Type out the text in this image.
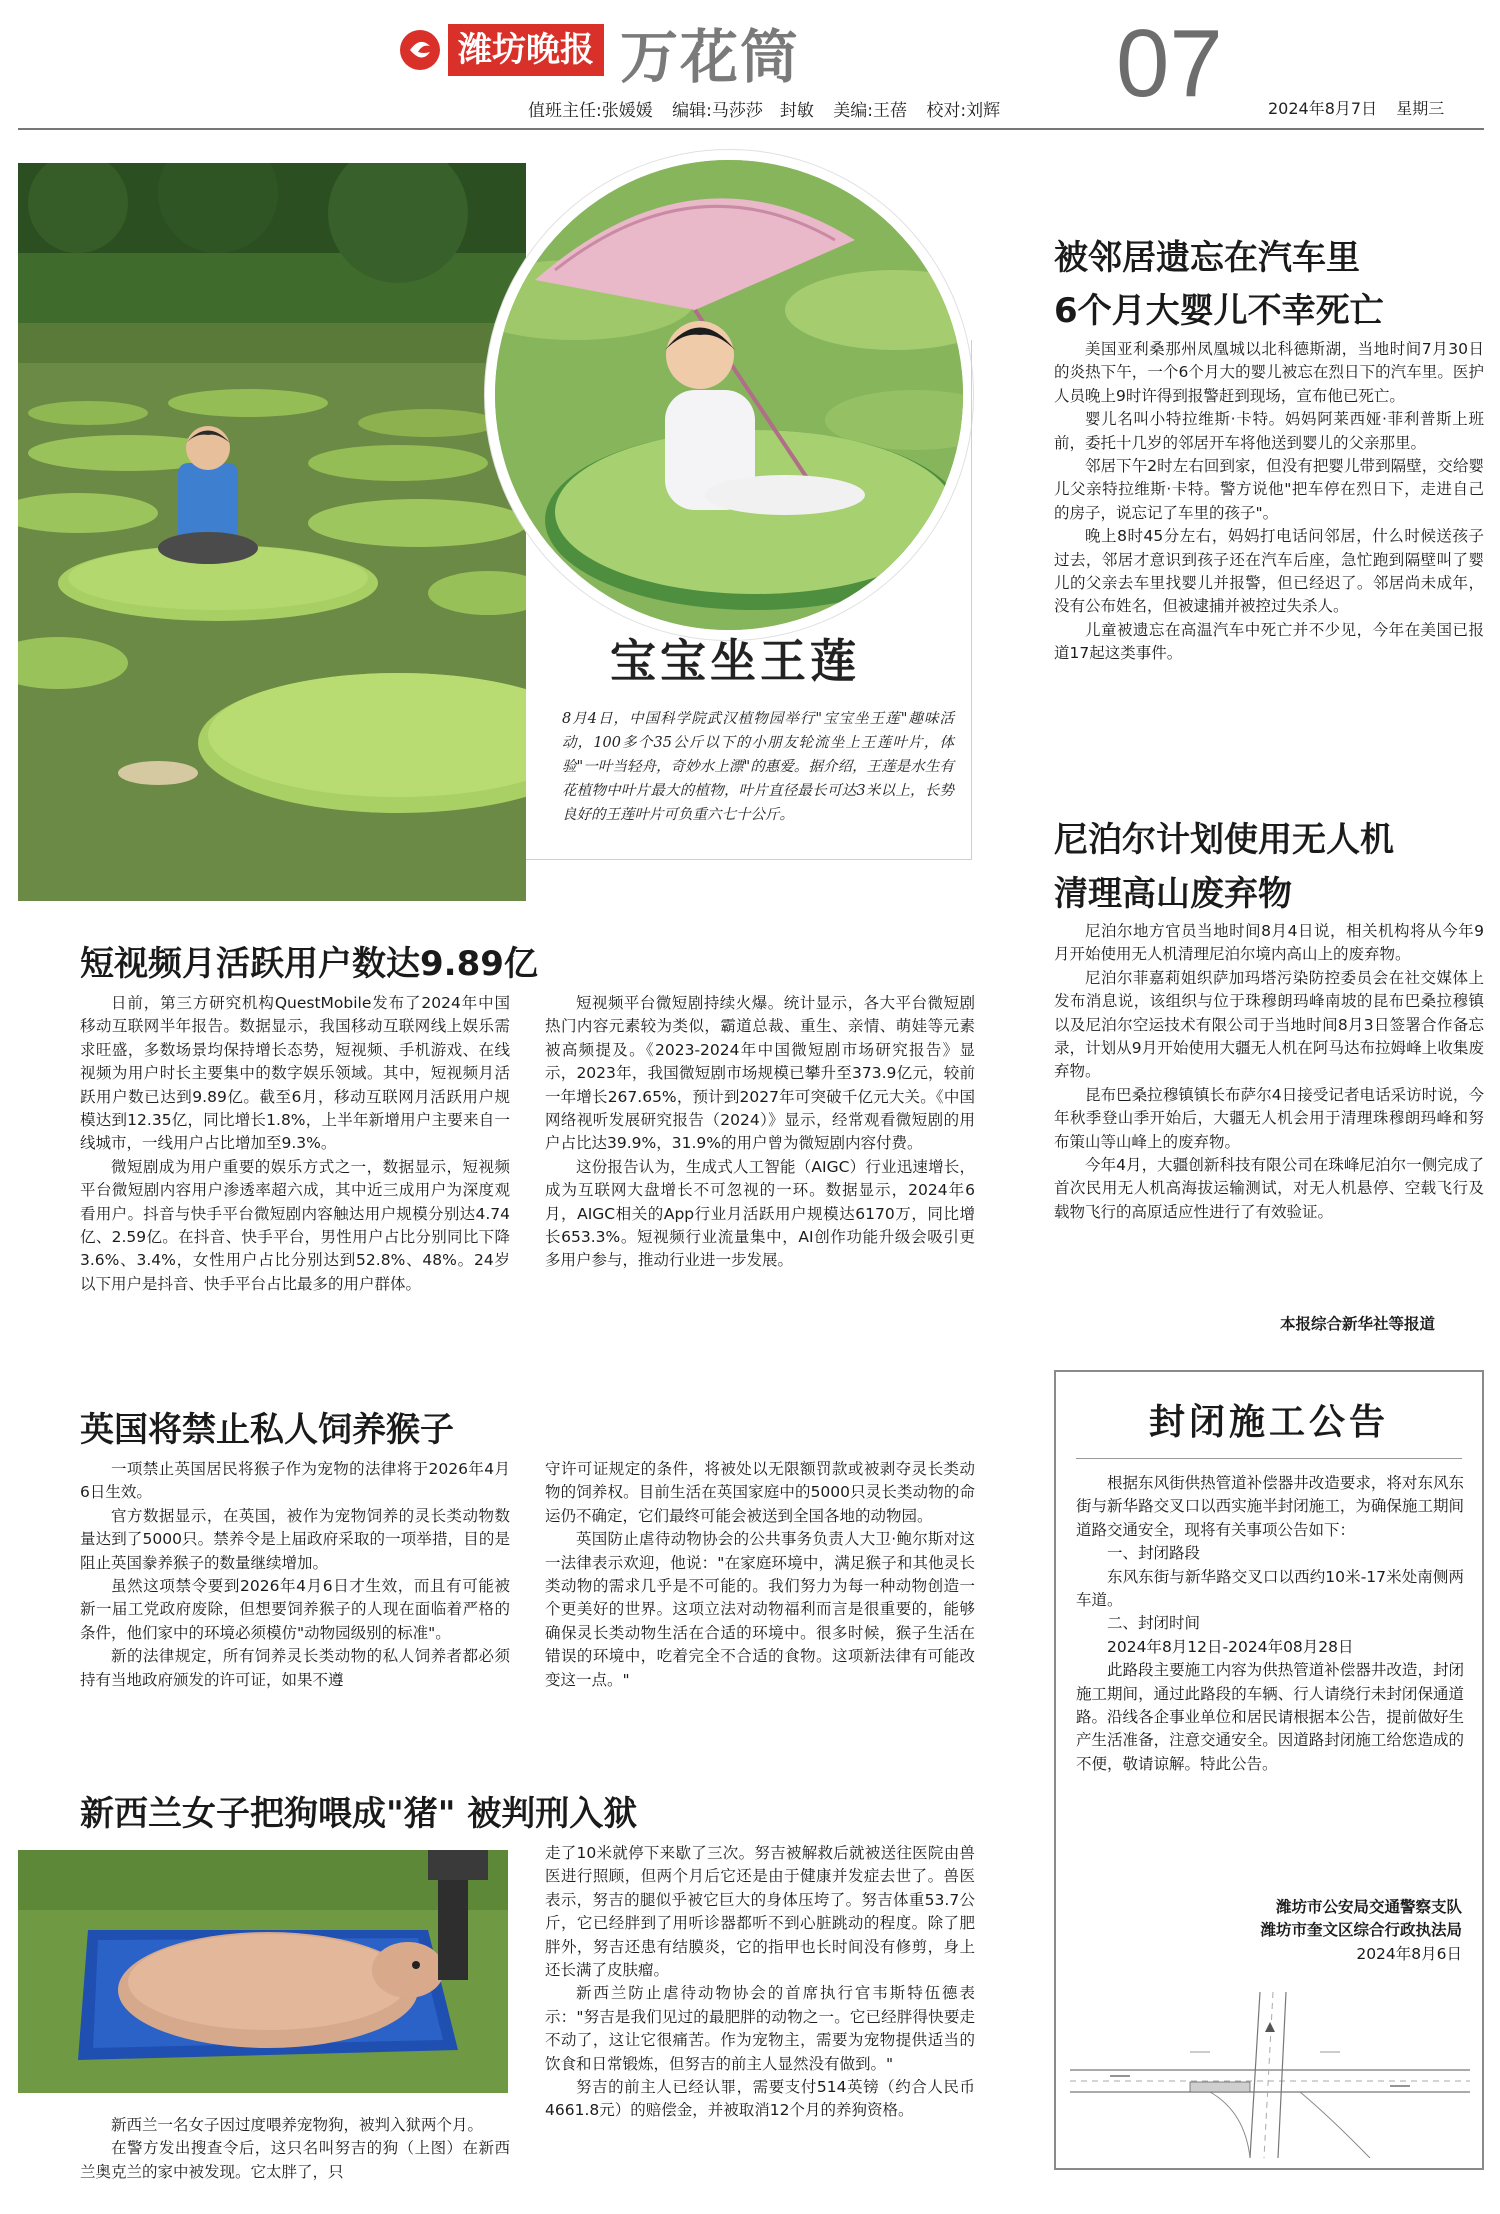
潍坊晚报 万花筒
值班主任:张媛媛 编辑:马莎莎　封敏 美编:王蓓 校对:刘辉 07	2024年8月7日 星期三
宝宝坐王莲
8月4日，中国科学院武汉植物园举行"宝宝坐王莲"趣味活动，100多个35公斤以下的小朋友轮流坐上王莲叶片，体验"一叶当轻舟，奇妙水上漂"的惠爱。据介绍，王莲是水生有花植物中叶片最大的植物，叶片直径最长可达3米以上，长势良好的王莲叶片可负重六七十公斤。
短视频月活跃用户数达9.89亿

日前，第三方研究机构QuestMobile发布了2024年中国移动互联网半年报告。数据显示，我国移动互联网线上娱乐需求旺盛，多数场景均保持增长态势，短视频、手机游戏、在线视频为用户时长主要集中的数字娱乐领域。其中，短视频月活跃用户数已达到9.89亿。截至6月，移动互联网月活跃用户规模达到12.35亿，同比增长1.8%，上半年新增用户主要来自一线城市，一线用户占比增加至9.3%。

微短剧成为用户重要的娱乐方式之一，数据显示，短视频平台微短剧内容用户渗透率超六成，其中近三成用户为深度观看用户。抖音与快手平台微短剧内容触达用户规模分别达4.74亿、2.59亿。在抖音、快手平台，男性用户占比分别同比下降3.6%、3.4%，女性用户占比分别达到52.8%、48%。24岁以下用户是抖音、快手平台占比最多的用户群体。

短视频平台微短剧持续火爆。统计显示，各大平台微短剧热门内容元素较为类似，霸道总裁、重生、亲情、萌娃等元素被高频提及。《2023-2024年中国微短剧市场研究报告》显示，2023年，我国微短剧市场规模已攀升至373.9亿元，较前一年增长267.65%，预计到2027年可突破千亿元大关。《中国网络视听发展研究报告（2024）》显示，经常观看微短剧的用户占比达39.9%，31.9%的用户曾为微短剧内容付费。

这份报告认为，生成式人工智能（AIGC）行业迅速增长，成为互联网大盘增长不可忽视的一环。数据显示，2024年6月，AIGC相关的App行业月活跃用户规模达6170万，同比增长653.3%。短视频行业流量集中，AI创作功能升级会吸引更多用户参与，推动行业进一步发展。

英国将禁止私人饲养猴子

一项禁止英国居民将猴子作为宠物的法律将于2026年4月6日生效。

官方数据显示，在英国，被作为宠物饲养的灵长类动物数量达到了5000只。禁养令是上届政府采取的一项举措，目的是阻止英国豢养猴子的数量继续增加。

虽然这项禁令要到2026年4月6日才生效，而且有可能被新一届工党政府废除，但想要饲养猴子的人现在面临着严格的条件，他们家中的环境必须模仿"动物园级别的标准"。

新的法律规定，所有饲养灵长类动物的私人饲养者都必须持有当地政府颁发的许可证，如果不遵

守许可证规定的条件，将被处以无限额罚款或被剥夺灵长类动物的饲养权。目前生活在英国家庭中的5000只灵长类动物的命运仍不确定，它们最终可能会被送到全国各地的动物园。

英国防止虐待动物协会的公共事务负责人大卫·鲍尔斯对这一法律表示欢迎，他说："在家庭环境中，满足猴子和其他灵长类动物的需求几乎是不可能的。我们努力为每一种动物创造一个更美好的世界。这项立法对动物福利而言是很重要的，能够确保灵长类动物生活在合适的环境中。很多时候，猴子生活在错误的环境中，吃着完全不合适的食物。这项新法律有可能改变这一点。"

新西兰女子把狗喂成"猪" 被判刑入狱

新西兰一名女子因过度喂养宠物狗，被判入狱两个月。

在警方发出搜查令后，这只名叫努吉的狗（上图）在新西兰奥克兰的家中被发现。它太胖了，只

走了10米就停下来歇了三次。努吉被解救后就被送往医院由兽医进行照顾，但两个月后它还是由于健康并发症去世了。兽医表示，努吉的腿似乎被它巨大的身体压垮了。努吉体重53.7公斤，它已经胖到了用听诊器都听不到心脏跳动的程度。除了肥胖外，努吉还患有结膜炎，它的指甲也长时间没有修剪，身上还长满了皮肤瘤。

新西兰防止虐待动物协会的首席执行官韦斯特伍德表示："努吉是我们见过的最肥胖的动物之一。它已经胖得快要走不动了，这让它很痛苦。作为宠物主，需要为宠物提供适当的饮食和日常锻炼，但努吉的前主人显然没有做到。"

努吉的前主人已经认罪，需要支付514英镑（约合人民币4661.8元）的赔偿金，并被取消12个月的养狗资格。

被邻居遗忘在汽车里
6个月大婴儿不幸死亡

美国亚利桑那州凤凰城以北科德斯湖，当地时间7月30日的炎热下午，一个6个月大的婴儿被忘在烈日下的汽车里。医护人员晚上9时许得到报警赶到现场，宣布他已死亡。

婴儿名叫小特拉维斯·卡特。妈妈阿莱西娅·菲利普斯上班前，委托十几岁的邻居开车将他送到婴儿的父亲那里。

邻居下午2时左右回到家，但没有把婴儿带到隔壁，交给婴儿父亲特拉维斯·卡特。警方说他"把车停在烈日下，走进自己的房子，说忘记了车里的孩子"。

晚上8时45分左右，妈妈打电话问邻居，什么时候送孩子过去，邻居才意识到孩子还在汽车后座，急忙跑到隔壁叫了婴儿的父亲去车里找婴儿并报警，但已经迟了。邻居尚未成年，没有公布姓名，但被逮捕并被控过失杀人。

儿童被遗忘在高温汽车中死亡并不少见，今年在美国已报道17起这类事件。

尼泊尔计划使用无人机
清理高山废弃物

尼泊尔地方官员当地时间8月4日说，相关机构将从今年9月开始使用无人机清理尼泊尔境内高山上的废弃物。

尼泊尔菲嘉莉姐织萨加玛塔污染防控委员会在社交媒体上发布消息说，该组织与位于珠穆朗玛峰南坡的昆布巴桑拉穆镇以及尼泊尔空运技术有限公司于当地时间8月3日签署合作备忘录，计划从9月开始使用大疆无人机在阿马达布拉姆峰上收集废弃物。

昆布巴桑拉穆镇镇长布萨尔4日接受记者电话采访时说，今年秋季登山季开始后，大疆无人机会用于清理珠穆朗玛峰和努布策山等山峰上的废弃物。

今年4月，大疆创新科技有限公司在珠峰尼泊尔一侧完成了首次民用无人机高海拔运输测试，对无人机悬停、空载飞行及载物飞行的高原适应性进行了有效验证。

本报综合新华社等报道
封闭施工公告

根据东风街供热管道补偿器井改造要求，将对东风东街与新华路交叉口以西实施半封闭施工，为确保施工期间道路交通安全，现将有关事项公告如下：

一、封闭路段

东风东街与新华路交叉口以西约10米-17米处南侧两车道。

二、封闭时间

2024年8月12日-2024年08月28日

此路段主要施工内容为供热管道补偿器井改造，封闭施工期间，通过此路段的车辆、行人请绕行未封闭保通道路。沿线各企事业单位和居民请根据本公告，提前做好生产生活准备，注意交通安全。因道路封闭施工给您造成的不便，敬请谅解。特此公告。

潍坊市公安局交通警察支队
潍坊市奎文区综合行政执法局
2024年8月6日
